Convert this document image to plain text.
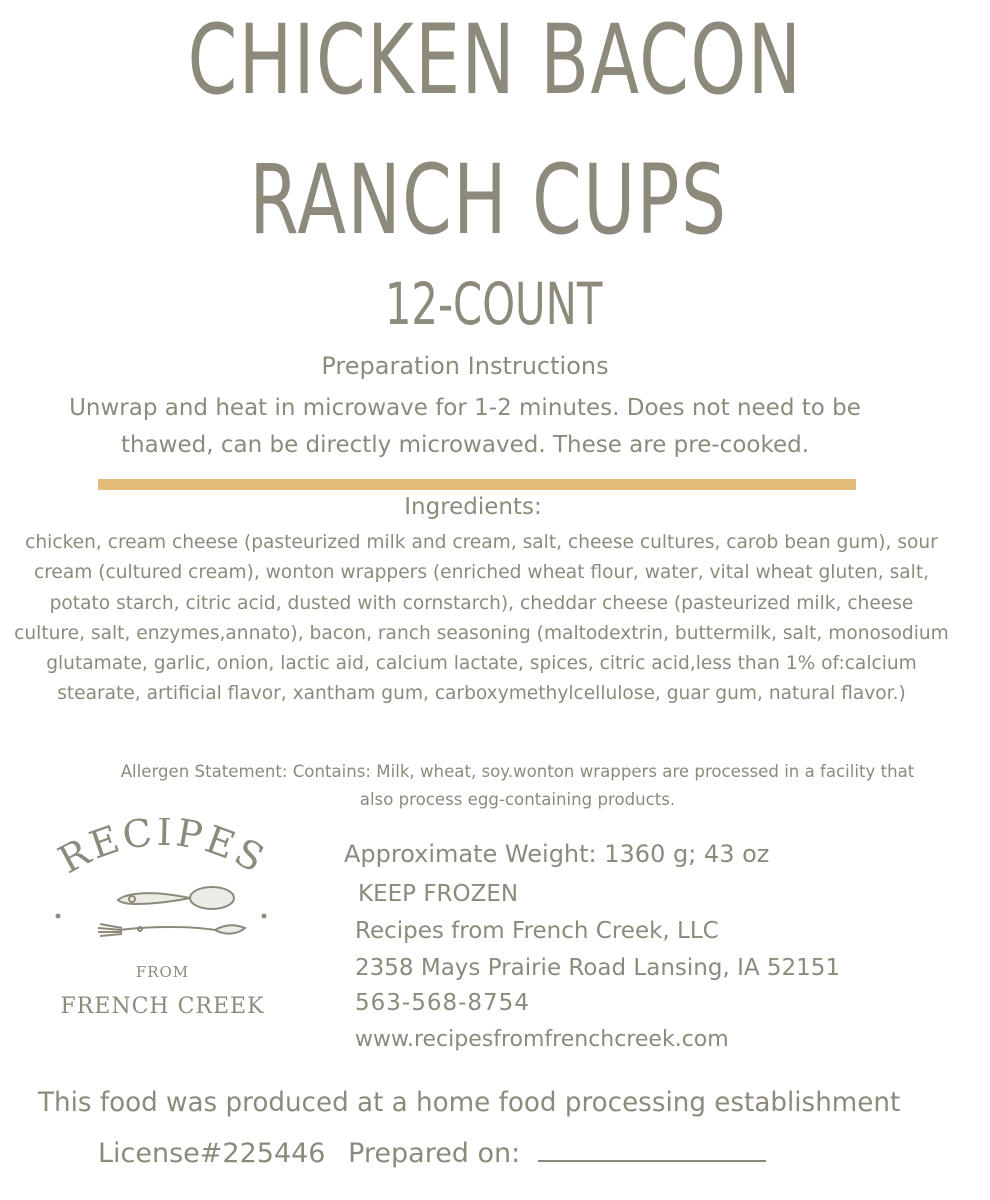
CHICKEN BACON
RANCH CUPS
12-COUNT
Preparation Instructions
Unwrap and heat in microwave for 1-2 minutes. Does not need to be thawed, can be directly microwaved. These are pre-cooked.
Ingredients:
chicken, cream cheese (pasteurized milk and cream, salt, cheese cultures, carob bean gum), sour cream (cultured cream), wonton wrappers (enriched wheat flour, water, vital wheat gluten, salt, potato starch, citric acid, dusted with cornstarch), cheddar cheese (pasteurized milk, cheese culture, salt, enzymes,annato), bacon, ranch seasoning (maltodextrin, buttermilk, salt, monosodium glutamate, garlic, onion, lactic aid, calcium lactate, spices, citric acid,less than 1% of:calcium stearate, artificial flavor, xantham gum, carboxymethylcellulose, guar gum, natural flavor.)
Allergen Statement: Contains: Milk, wheat, soy.wonton wrappers are processed in a facility that also process egg-containing products.
RECIPES
FROM
FRENCH CREEK
Approximate Weight: 1360 g; 43 oz
KEEP FROZEN
Recipes from French Creek, LLC
2358 Mays Prairie Road Lansing, IA 52151
563-568-8754
www.recipesfromfrenchcreek.com
This food was produced at a home food processing establishment
License#225446 Prepared on:
